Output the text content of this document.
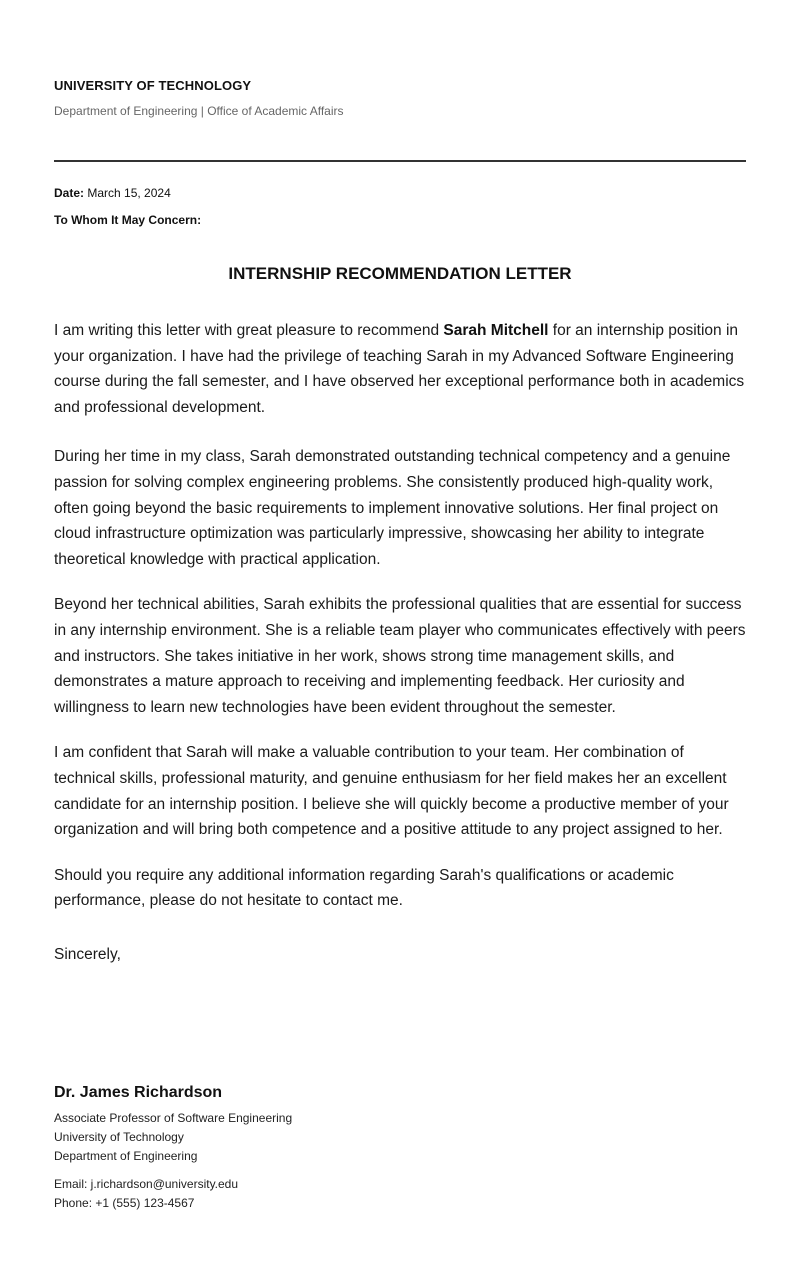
UNIVERSITY OF TECHNOLOGY

Department of Engineering | Office of Academic Affairs

Date: March 15, 2024

To Whom It May Concern:

INTERNSHIP RECOMMENDATION LETTER

I am writing this letter with great pleasure to recommend Sarah Mitchell for an internship position in your organization. I have had the privilege of teaching Sarah in my Advanced Software Engineering course during the fall semester, and I have observed her exceptional performance both in academics and professional development.

During her time in my class, Sarah demonstrated outstanding technical competency and a genuine passion for solving complex engineering problems. She consistently produced high-quality work, often going beyond the basic requirements to implement innovative solutions. Her final project on cloud infrastructure optimization was particularly impressive, showcasing her ability to integrate theoretical knowledge with practical application.

Beyond her technical abilities, Sarah exhibits the professional qualities that are essential for success in any internship environment. She is a reliable team player who communicates effectively with peers and instructors. She takes initiative in her work, shows strong time management skills, and demonstrates a mature approach to receiving and implementing feedback. Her curiosity and willingness to learn new technologies have been evident throughout the semester.

I am confident that Sarah will make a valuable contribution to your team. Her combination of technical skills, professional maturity, and genuine enthusiasm for her field makes her an excellent candidate for an internship position. I believe she will quickly become a productive member of your organization and will bring both competence and a positive attitude to any project assigned to her.

Should you require any additional information regarding Sarah's qualifications or academic performance, please do not hesitate to contact me.

Sincerely,

Dr. James Richardson

Associate Professor of Software Engineering

University of Technology

Department of Engineering

Email: j.richardson@university.edu

Phone: +1 (555) 123-4567
